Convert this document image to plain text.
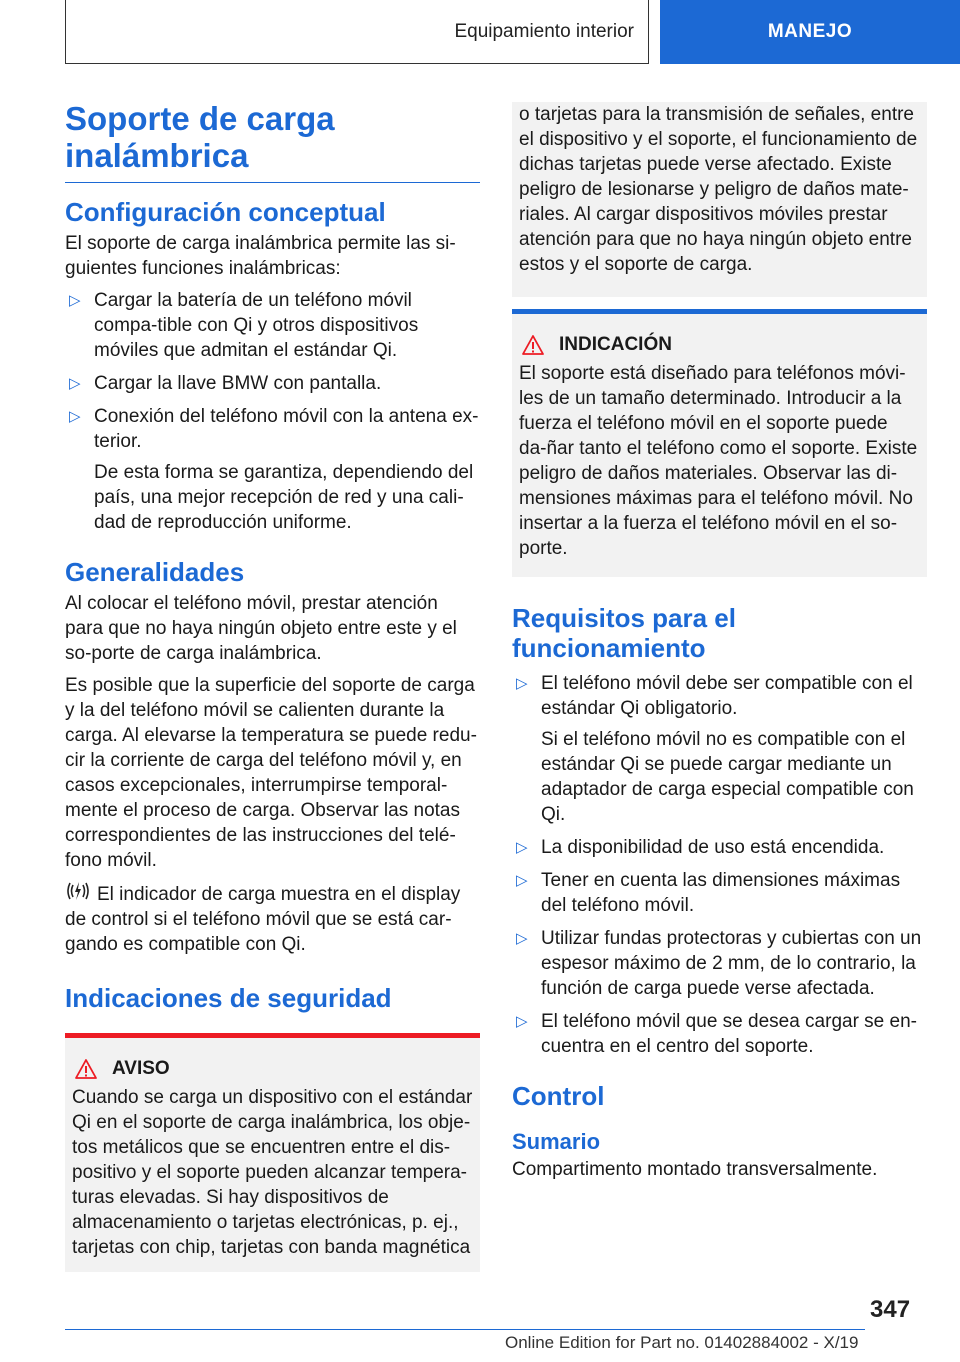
Equipamiento interior	MANEJO
Soporte de carga inalámbrica
Configuración conceptual

El soporte de carga inalámbrica permite las si-guientes funciones inalámbricas:

▷ Cargar la batería de un teléfono móvil compa-tible con Qi y otros dispositivos móviles que admitan el estándar Qi.
▷ Cargar la llave BMW con pantalla.
▷ Conexión del teléfono móvil con la antena ex-terior.

De esta forma se garantiza, dependiendo del país, una mejor recepción de red y una cali-dad de reproducción uniforme.

Generalidades

Al colocar el teléfono móvil, prestar atención para que no haya ningún objeto entre este y el so-porte de carga inalámbrica.

Es posible que la superficie del soporte de carga y la del teléfono móvil se calienten durante la carga. Al elevarse la temperatura se puede redu-cir la corriente de carga del teléfono móvil y, en casos excepcionales, interrumpirse temporal-mente el proceso de carga. Observar las notas correspondientes de las instrucciones del telé-fono móvil.

El indicador de carga muestra en el display de control si el teléfono móvil que se está car-gando es compatible con Qi.

Indicaciones de seguridad
AVISO

Cuando se carga un dispositivo con el estándar Qi en el soporte de carga inalámbrica, los obje-tos metálicos que se encuentren entre el dis-positivo y el soporte pueden alcanzar tempera-turas elevadas. Si hay dispositivos de almacenamiento o tarjetas electrónicas, p. ej., tarjetas con chip, tarjetas con banda magnética

o tarjetas para la transmisión de señales, entre el dispositivo y el soporte, el funcionamiento de dichas tarjetas puede verse afectado. Existe peligro de lesionarse y peligro de daños mate-riales. Al cargar dispositivos móviles prestar atención para que no haya ningún objeto entre estos y el soporte de carga.

INDICACIÓN

El soporte está diseñado para teléfonos móvi-les de un tamaño determinado. Introducir a la fuerza el teléfono móvil en el soporte puede da-ñar tanto el teléfono como el soporte. Existe peligro de daños materiales. Observar las di-mensiones máximas para el teléfono móvil. No insertar a la fuerza el teléfono móvil en el so-porte.

Requisitos para el funcionamiento
▷ El teléfono móvil debe ser compatible con el estándar Qi obligatorio.

Si el teléfono móvil no es compatible con el estándar Qi se puede cargar mediante un adaptador de carga especial compatible con Qi.

▷ La disponibilidad de uso está encendida.
▷ Tener en cuenta las dimensiones máximas del teléfono móvil.
▷ Utilizar fundas protectoras y cubiertas con un espesor máximo de 2 mm, de lo contrario, la función de carga puede verse afectada.
▷ El teléfono móvil que se desea cargar se en-cuentra en el centro del soporte.
Control
Sumario

Compartimento montado transversalmente.

347
Online Edition for Part no. 01402884002 - X/19
